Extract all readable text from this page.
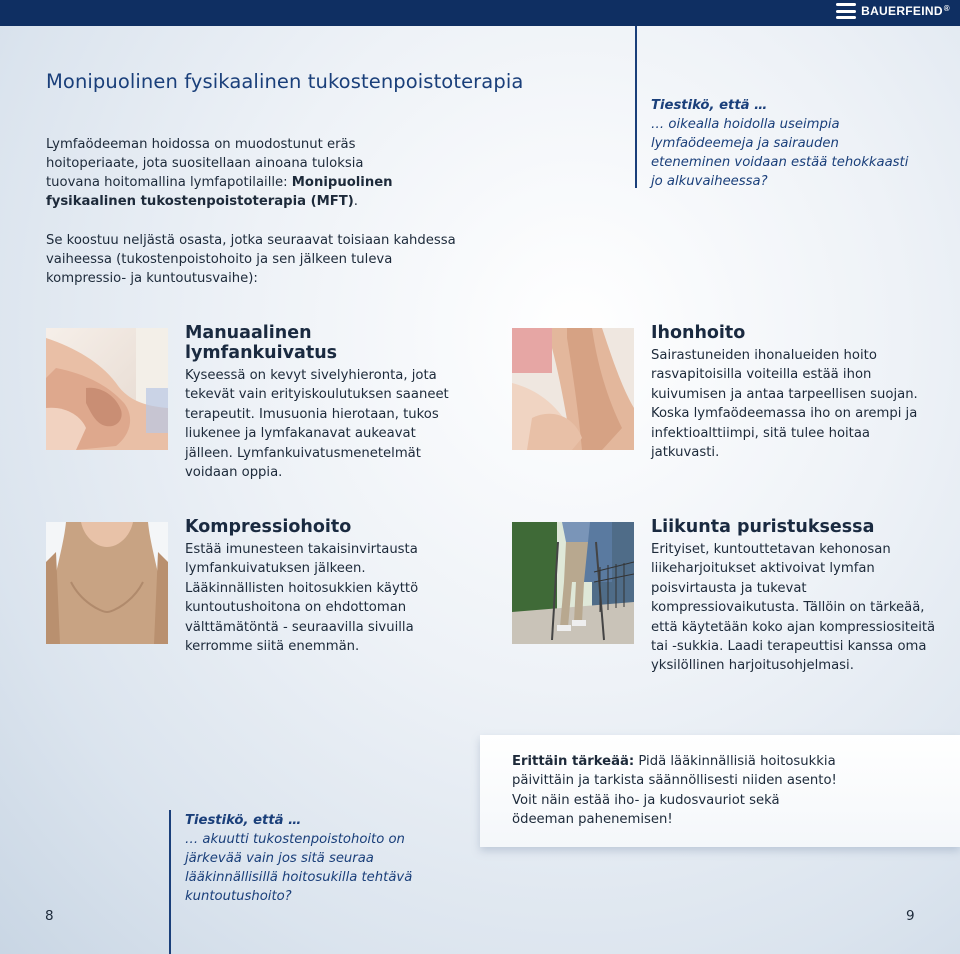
BAUERFEIND ®
Monipuolinen fysikaalinen tukostenpoistoterapia

Lymfaödeeman hoidossa on muodostunut eräs hoitoperiaate, jota suositellaan ainoana tuloksia tuovana hoitomallina lymfapotilaille: Monipuolinen fysikaalinen tukostenpoistoterapia (MFT).

Se koostuu neljästä osasta, jotka seuraavat toisiaan kahdessa vaiheessa (tukostenpoistohoito ja sen jälkeen tuleva kompressio- ja kuntoutusvaihe):

Tiestikö, että …
… oikealla hoidolla useimpia lymfaödeemeja ja sairauden eteneminen voidaan estää tehokkaasti jo alkuvaiheessa?

Manuaalinen lymfankuivatus

Kyseessä on kevyt sivelyhieronta, jota tekevät vain erityiskoulutuksen saaneet terapeutit. Imusuonia hierotaan, tukos liukenee ja lymfakanavat aukeavat jälleen. Lymfankuivatusmenetelmät voidaan oppia.

Ihonhoito

Sairastuneiden ihonalueiden hoito rasvapitoisilla voiteilla estää ihon kuivumisen ja antaa tarpeellisen suojan. Koska lymfaödeemassa iho on arempi ja infektioalttiimpi, sitä tulee hoitaa jatkuvasti.

Kompressiohoito

Estää imunesteen takaisinvirtausta lymfankuivatuksen jälkeen. Lääkinnällisten hoitosukkien käyttö kuntoutushoitona on ehdottoman välttämätöntä - seuraavilla sivuilla kerromme siitä enemmän.

Liikunta puristuksessa

Erityiset, kuntouttetavan kehonosan liikeharjoitukset aktivoivat lymfan poisvirtausta ja tukevat kompressiovaikutusta. Tällöin on tärkeää, että käytetään koko ajan kompressiositeitä tai -sukkia. Laadi terapeuttisi kanssa oma yksilöllinen harjoitusohjelmasi.

Erittäin tärkeää: Pidä lääkinnällisiä hoitosukkia päivittäin ja tarkista säännöllisesti niiden asento! Voit näin estää iho- ja kudosvauriot sekä ödeeman pahenemisen!

Tiestikö, että …
… akuutti tukostenpoistohoito on järkevää vain jos sitä seuraa lääkinnällisillä hoitosukilla tehtävä kuntoutushoito?

8	9
